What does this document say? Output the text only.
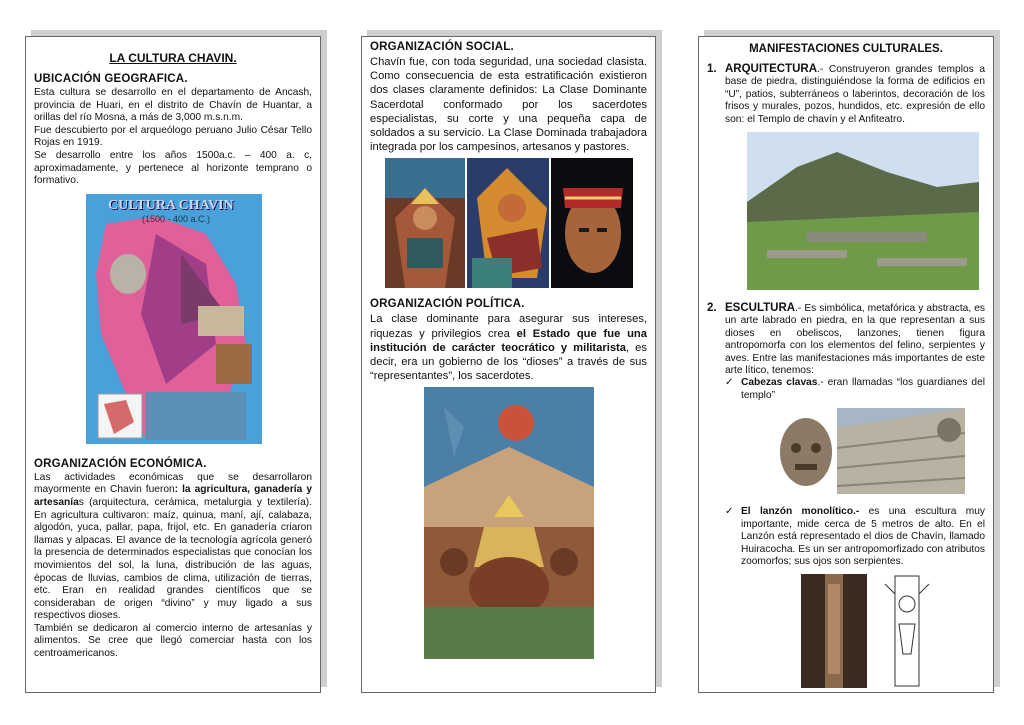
LA CULTURA CHAVIN.
UBICACIÓN GEOGRAFICA.

Esta cultura se desarrollo en el departamento de Ancash, provincia de Huari, en el distrito de Chavín de Huantar, a orillas del río Mosna, a más de 3,000 m.s.n.m.

Fue descubierto por el arqueólogo peruano Julio César Tello Rojas en 1919.

Se desarrollo entre los años 1500a.c. – 400 a. c, aproximadamente, y pertenece al horizonte temprano o formativo.

CULTURA CHAVIN
(1500 - 400 a.C.)
ORGANIZACIÓN ECONÓMICA.

Las actividades económicas que se desarrollaron mayormente en Chavin fueron: la agricultura, ganadería y artesanías (arquitectura, cerámica, metalurgia y textilería). En agricultura cultivaron: maíz, quinua, maní, ají, calabaza, algodón, yuca, pallar, papa, frijol, etc. En ganadería criaron llamas y alpacas. El avance de la tecnología agrícola generó la presencia de determinados especialistas que conocían los movimientos del sol, la luna, distribución de las aguas, épocas de lluvias, cambios de clima, utilización de tierras, etc. Eran en realidad grandes científicos que se consideraban de origen “divino” y muy ligado a sus respectivos dioses.

También se dedicaron al comercio interno de artesanías y alimentos. Se cree que llegó comerciar hasta con los centroamericanos.

ORGANIZACIÓN SOCIAL.

Chavín fue, con toda seguridad, una sociedad clasista. Como consecuencia de esta estratificación existieron dos clases claramente definidos: La Clase Dominante Sacerdotal conformado por los sacerdotes especialistas, su corte y una pequeña capa de soldados a su servicio. La Clase Dominada trabajadora integrada por los campesinos, artesanos y pastores.

ORGANIZACIÓN POLÍTICA.

La clase dominante para asegurar sus intereses, riquezas y privilegios crea el Estado que fue una institución de carácter teocrático y militarista, es decir, era un gobierno de los “dioses” a través de sus “representantes”, los sacerdotes.

MANIFESTACIONES CULTURALES.
1. ARQUITECTURA.- Construyeron grandes templos a base de piedra, distinguiéndose la forma de edificios en “U”, patios, subterráneos o laberintos, decoración de los frisos y murales, pozos, hundidos, etc. expresión de ello son: el Templo de chavín y el Anfiteatro.
2. ESCULTURA.- Es simbólica, metafórica y abstracta, es un arte labrado en piedra, en la que representan a sus dioses en obeliscos, lanzones, tienen figura antropomorfa con los elementos del felino, serpientes y aves. Entre las manifestaciones más importantes de este arte lítico, tenemos:
✓ Cabezas clavas.- eran llamadas “los guardianes del templo”
✓ El lanzón monolítico.- es una escultura muy importante, mide cerca de 5 metros de alto. En el Lanzón está representado el dios de Chavín, llamado Huiracocha. Es un ser antropomorfizado con atributos zoomorfos; sus ojos son serpientes.
